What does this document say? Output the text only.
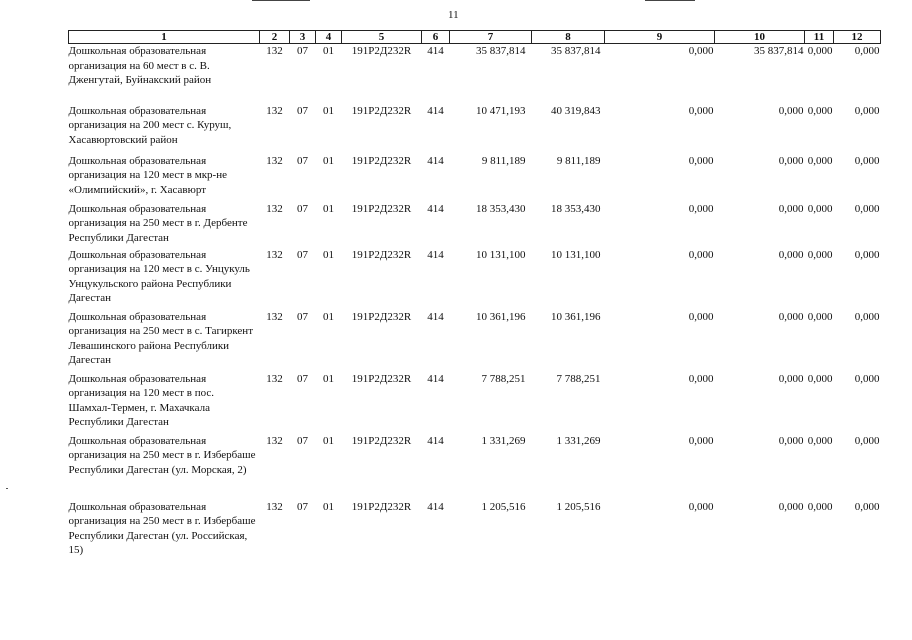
11
1	2	3	4	5	6	7	8	9	10	11	12
Дошкольная образовательная организация на 60 мест в с. В. Дженгутай, Буйнакский район	132	07	01	191P2Д232R	414	35 837,814	35 837,814	0,000	35 837,814	0,000	0,000
Дошкольная образовательная организация на 200 мест с. Куруш, Хасавюртовский район	132	07	01	191P2Д232R	414	10 471,193	40 319,843	0,000	0,000	0,000	0,000
Дошкольная образовательная организация на 120 мест в мкр-не «Олимпийский», г. Хасавюрт	132	07	01	191P2Д232R	414	9 811,189	9 811,189	0,000	0,000	0,000	0,000
Дошкольная образовательная организация на 250 мест в г. Дербенте Республики Дагестан	132	07	01	191P2Д232R	414	18 353,430	18 353,430	0,000	0,000	0,000	0,000
Дошкольная образовательная организация на 120 мест в с. Унцукуль Унцукульского района Республики Дагестан	132	07	01	191P2Д232R	414	10 131,100	10 131,100	0,000	0,000	0,000	0,000
Дошкольная образовательная организация на 250 мест в с. Тагиркент Левашинского района Республики Дагестан	132	07	01	191P2Д232R	414	10 361,196	10 361,196	0,000	0,000	0,000	0,000
Дошкольная образовательная организация на 120 мест в пос. Шамхал-Термен, г. Махачкала Республики Дагестан	132	07	01	191P2Д232R	414	7 788,251	7 788,251	0,000	0,000	0,000	0,000
Дошкольная образовательная организация на 250 мест в г. Избербаше Республики Дагестан (ул. Морская, 2)	132	07	01	191P2Д232R	414	1 331,269	1 331,269	0,000	0,000	0,000	0,000
Дошкольная образовательная организация на 250 мест в г. Избербаше Республики Дагестан (ул. Российская, 15)	132	07	01	191P2Д232R	414	1 205,516	1 205,516	0,000	0,000	0,000	0,000
